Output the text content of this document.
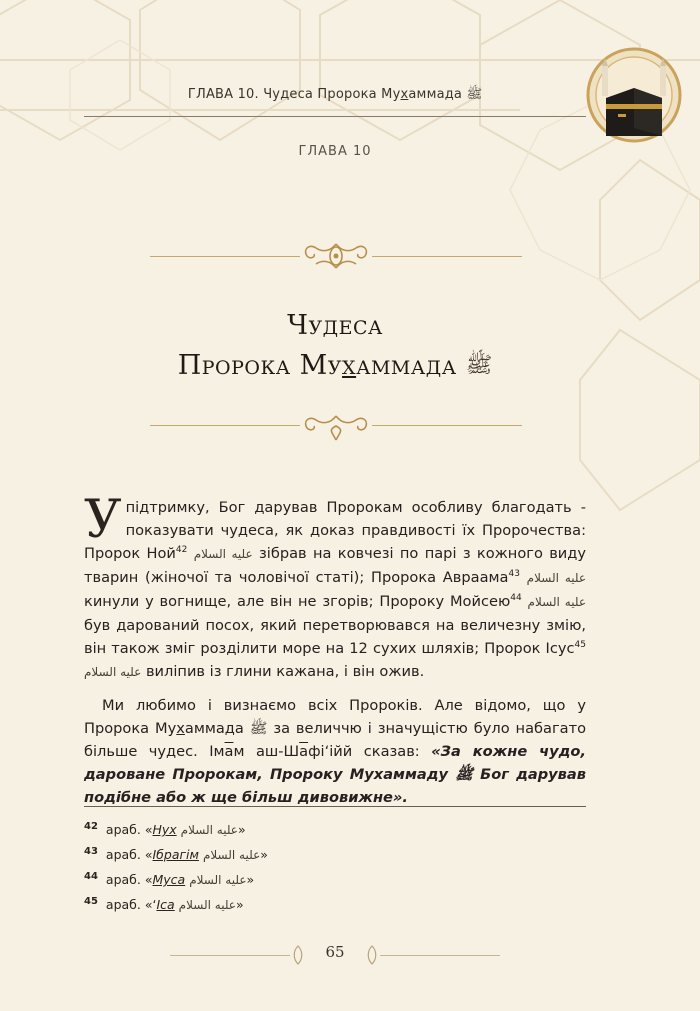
ГЛАВА 10. Чудеса Пророка Мухаммада ﷺ
ГЛАВА 10
Чудеса
Пророка Мухаммада ﷺ

Упідтримку, Бог дарував Пророкам особливу благодать - показувати чудеса, як доказ правдивості їх Пророчества: Пророк Ной$^{42}$ عليه السلام зібрав на ковчезі по парі з кожного виду тварин (жіночої та чоловічої статі); Пророка Авраама$^{43}$ عليه السلام кинули у вогнище, але він не згорів; Пророку Мойсею$^{44}$ عليه السلام був дарований посох, який перетворювався на величезну змію, він також зміг розділити море на 12 сухих шляхів; Пророк Ісус$^{45}$ عليه السلام виліпив із глини кажана, і він ожив.

Ми любимо і визнаємо всіх Пророків. Але відомо, що у Пророка Мухаммада ﷺ за величчю і значущістю було набагато більше чудес. Імам аш-Шафі‘ійй сказав: «За кожне чудо, дароване Пророкам, Пророку Мухаммаду ﷺ Бог дарував подібне або ж ще більш дивовижне».

$^{42}$ араб. «Нух عليه السلام»
$^{43}$ араб. «Ібрагім عليه السلام»
$^{44}$ араб. «Муса عليه السلام»
$^{45}$ араб. «‘Іса عليه السلام»
65
